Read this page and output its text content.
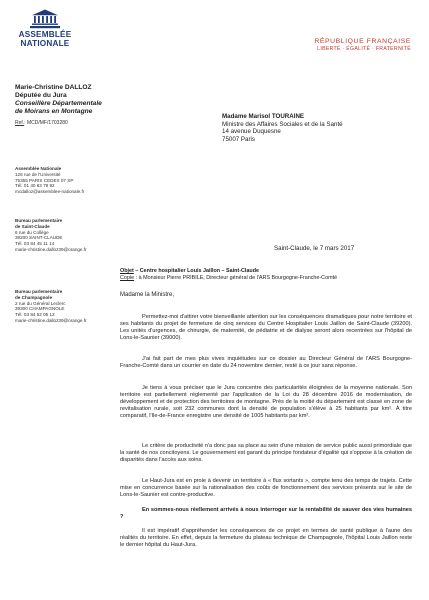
ASSEMBLÉE
NATIONALE	RÉPUBLIQUE FRANÇAISE
LIBERTÉ · ÉGALITÉ · FRATERNITÉ
Marie-Christine DALLOZ
Députée du Jura
Conseillère Départementale
de Moirans en Montagne
Ref.: MCD/MF/1703280
Assemblée Nationale
126 rue de l'Université
75355 PARIS CEDEX 07 SP
Tél. 01 40 63 79 92
mcdalloz@assemblee-nationale.fr
Bureau parlementaire
de Saint-Claude
6 rue du Collège
39200 SAINT-CLAUDE
Tél. 03 84 45 11 14
marie-christine.dalloz39@orange.fr
Bureau parlementaire
de Champagnole
2 rue du Général Leclerc
39300 CHAMPAGNOLE
Tél. 03 84 52 05 13
marie-christine.dalloz39@orange.fr
Madame Marisol TOURAINE
Ministre des Affaires Sociales et de la Santé
14 avenue Duquesne
75007 Paris
Saint-Claude, le 7 mars 2017
Objet – Centre hospitalier Louis Jaillon – Saint-Claude
Copie : à Monsieur Pierre PRIBILE, Directeur général de l'ARS Bourgogne-Franche-Comté
Madame la Ministre,
Permettez-moi d'attirer votre bienveillante attention sur les conséquences dramatiques pour notre territoire et ses habitants du projet de fermeture de cinq services du Centre Hospitalier Louis Jaillon de Saint-Claude (39200). Les unités d'urgences, de chirurgie, de maternité, de pédiatrie et de dialyse seront alors recentrées sur l'hôpital de Lons-le-Saunier (39000).
J'ai fait part de mes plus vives inquiétudes sur ce dossier au Directeur Général de l'ARS Bourgogne-Franche-Comté dans un courrier en date du 24 novembre dernier, resté à ce jour sans réponse.
Je tiens à vous préciser que le Jura concentre des particularités éloignées de la moyenne nationale. Son territoire est partiellement réglementé par l'application de la Loi du 28 décembre 2016 de modernisation, de développement et de protection des territoires de montagne. Près de la moitié du département est classé en zone de revitalisation rurale, soit 232 communes dont la densité de population s'élève à 25 habitants par km². À titre comparatif, l'Ile-de-France enregistre une densité de 1005 habitants par km².
Le critère de productivité n'a donc pas sa place au sein d'une mission de service public aussi primordiale que la santé de nos concitoyens. Le gouvernement est garant du principe fondateur d'égalité qui s'oppose à la création de disparités dans l'accès aux soins.
Le Haut-Jura est en proie à devenir un territoire à « flux sortants », compte tenu des temps de trajets. Cette mise en concurrence basée sur la rationalisation des coûts de fonctionnement des services présents sur le site de Lons-le-Saunier est contre-productive.
En sommes-nous réellement arrivés à nous interroger sur la rentabilité de sauver des vies humaines ?
Il est impératif d'appréhender les conséquences de ce projet en termes de santé publique à l'aune des réalités du territoire. En effet, depuis la fermeture du plateau technique de Champagnole, l'hôpital Louis Jaillon reste le dernier hôpital du Haut-Jura.
